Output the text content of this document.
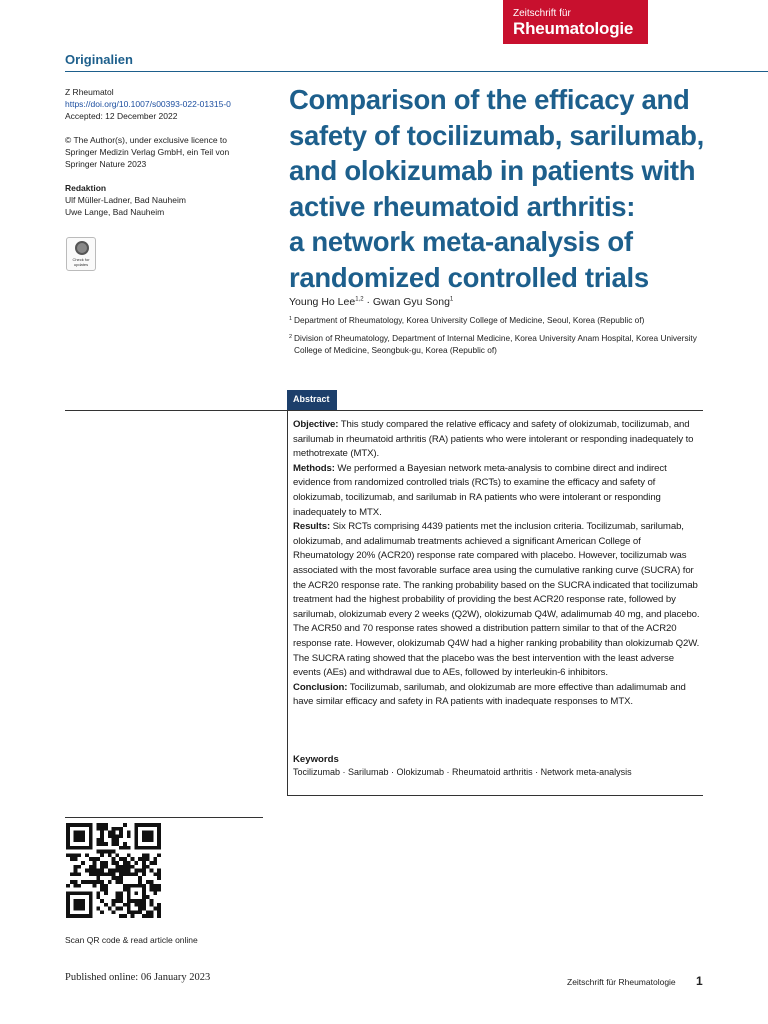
Zeitschrift für
Rheumatologie
Originalien
Z Rheumatol
https://doi.org/10.1007/s00393-022-01315-0
Accepted: 12 December 2022
© The Author(s), under exclusive licence to
Springer Medizin Verlag GmbH, ein Teil von
Springer Nature 2023
Redaktion
Ulf Müller-Ladner, Bad Nauheim
Uwe Lange, Bad Nauheim
Check for
updates
Comparison of the efficacy and
safety of tocilizumab, sarilumab,
and olokizumab in patients with
active rheumatoid arthritis:
a network meta-analysis of
randomized controlled trials
Young Ho Lee$^{1,2}$ · Gwan Gyu Song$^1$
1 Department of Rheumatology, Korea University College of Medicine, Seoul, Korea (Republic of)
2 Division of Rheumatology, Department of Internal Medicine, Korea University Anam Hospital, Korea University College of Medicine, Seongbuk-gu, Korea (Republic of)
Abstract
Objective: This study compared the relative efficacy and safety of olokizumab, tocilizumab, and sarilumab in rheumatoid arthritis (RA) patients who were intolerant or responding inadequately to methotrexate (MTX).
Methods: We performed a Bayesian network meta-analysis to combine direct and indirect evidence from randomized controlled trials (RCTs) to examine the efficacy and safety of olokizumab, tocilizumab, and sarilumab in RA patients who were intolerant or responding inadequately to MTX.
Results: Six RCTs comprising 4439 patients met the inclusion criteria. Tocilizumab, sarilumab, olokizumab, and adalimumab treatments achieved a significant American College of Rheumatology 20% (ACR20) response rate compared with placebo. However, tocilizumab was associated with the most favorable surface area using the cumulative ranking curve (SUCRA) for the ACR20 response rate. The ranking probability based on the SUCRA indicated that tocilizumab treatment had the highest probability of providing the best ACR20 response rate, followed by sarilumab, olokizumab every 2 weeks (Q2W), olokizumab Q4W, adalimumab 40 mg, and placebo. The ACR50 and 70 response rates showed a distribution pattern similar to that of the ACR20 response rate. However, olokizumab Q4W had a higher ranking probability than olokizumab Q2W. The SUCRA rating showed that the placebo was the best intervention with the least adverse events (AEs) and withdrawal due to AEs, followed by interleukin-6 inhibitors.
Conclusion: Tocilizumab, sarilumab, and olokizumab are more effective than adalimumab and have similar efficacy and safety in RA patients with inadequate responses to MTX.
Keywords
Tocilizumab · Sarilumab · Olokizumab · Rheumatoid arthritis · Network meta-analysis
Scan QR code & read article online
Published online: 06 January 2023	Zeitschrift für Rheumatologie 1
